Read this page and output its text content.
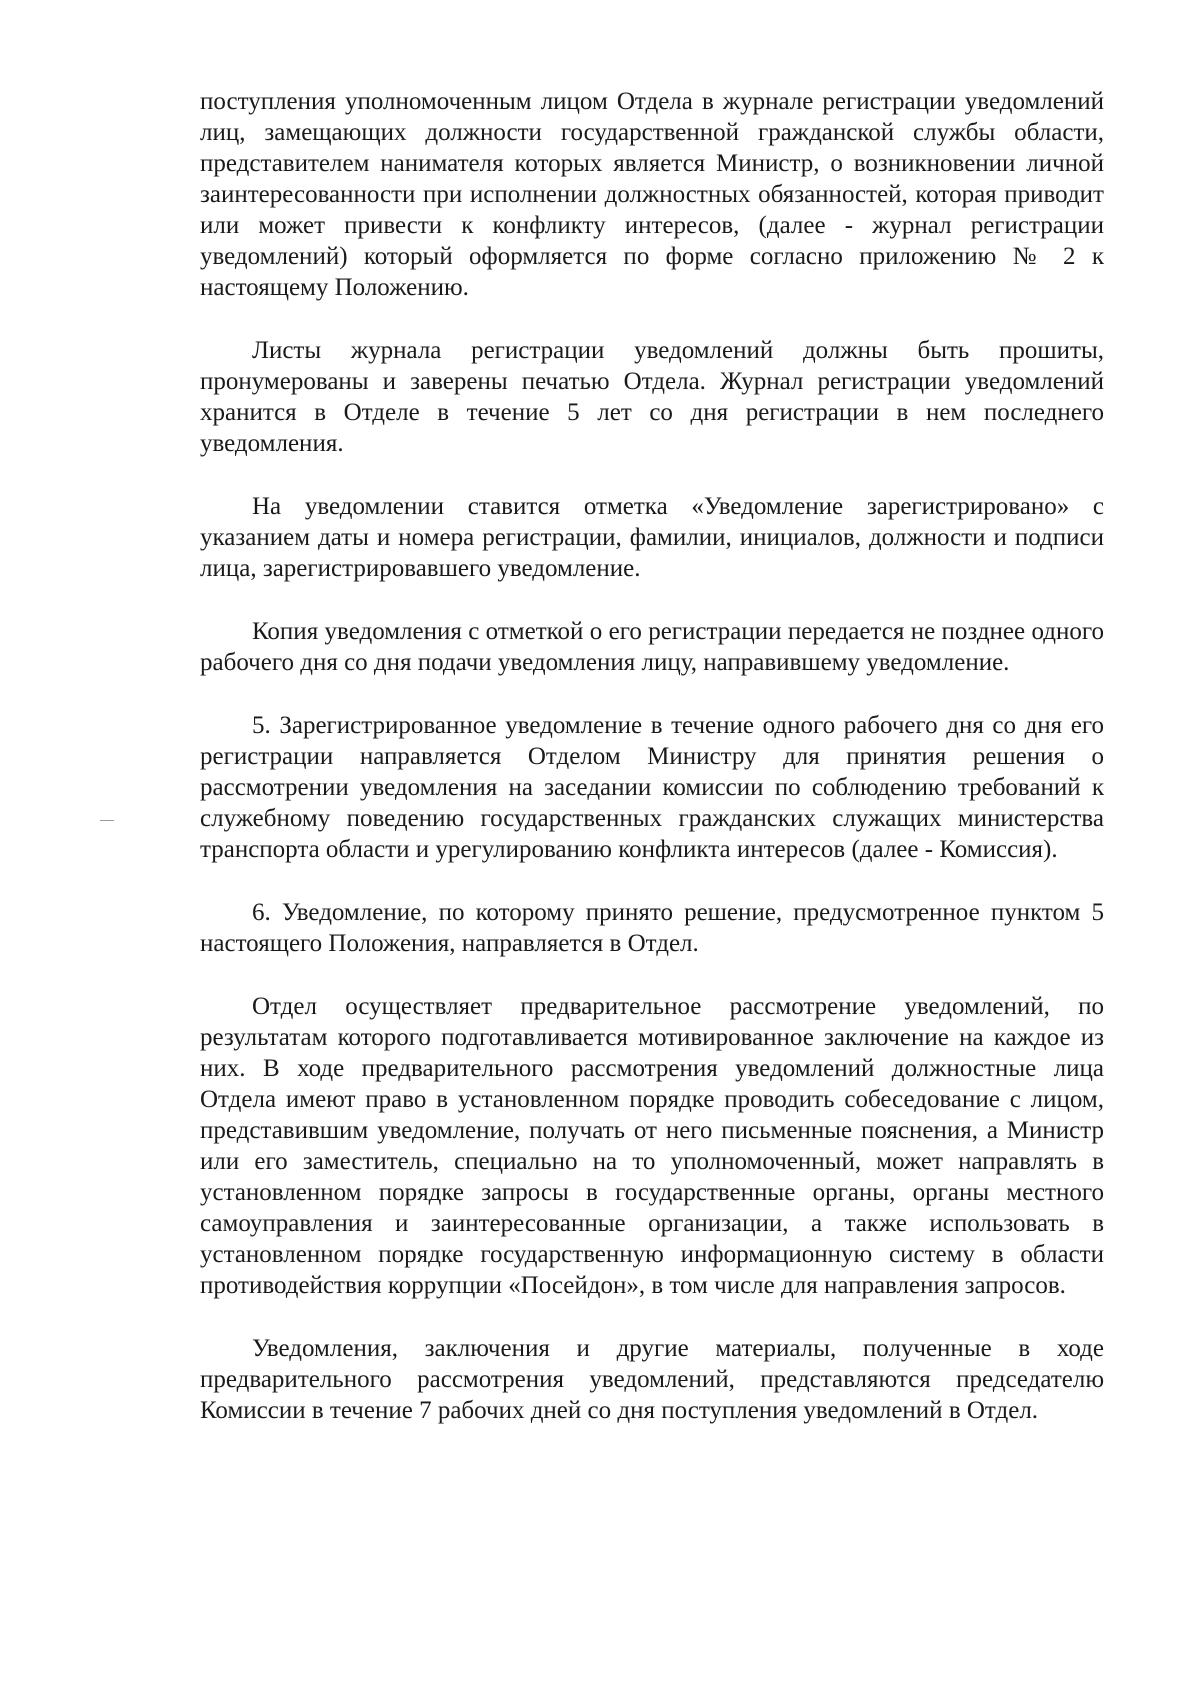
поступления уполномоченным лицом Отдела в журнале регистрации уведомлений лиц, замещающих должности государственной гражданской службы области, представителем нанимателя которых является Министр, о возникновении личной заинтересованности при исполнении должностных обязанностей, которая приводит или может привести к конфликту интересов, (далее - журнал регистрации уведомлений) который оформляется по форме согласно приложению № 2 к настоящему Положению.

Листы журнала регистрации уведомлений должны быть прошиты, пронумерованы и заверены печатью Отдела. Журнал регистрации уведомлений хранится в Отделе в течение 5 лет со дня регистрации в нем последнего уведомления.

На уведомлении ставится отметка «Уведомление зарегистрировано» с указанием даты и номера регистрации, фамилии, инициалов, должности и подписи лица, зарегистрировавшего уведомление.

Копия уведомления с отметкой о его регистрации передается не позднее одного рабочего дня со дня подачи уведомления лицу, направившему уведомление.

5. Зарегистрированное уведомление в течение одного рабочего дня со дня его регистрации направляется Отделом Министру для принятия решения о рассмотрении уведомления на заседании комиссии по соблюдению требований к служебному поведению государственных гражданских служащих министерства транспорта области и урегулированию конфликта интересов (далее - Комиссия).

6. Уведомление, по которому принято решение, предусмотренное пунктом 5 настоящего Положения, направляется в Отдел.

Отдел осуществляет предварительное рассмотрение уведомлений, по результатам которого подготавливается мотивированное заключение на каждое из них. В ходе предварительного рассмотрения уведомлений должностные лица Отдела имеют право в установленном порядке проводить собеседование с лицом, представившим уведомление, получать от него письменные пояснения, а Министр или его заместитель, специально на то уполномоченный, может направлять в установленном порядке запросы в государственные органы, органы местного самоуправления и заинтересованные организации, а также использовать в установленном порядке государственную информационную систему в области противодействия коррупции «Посейдон», в том числе для направления запросов.

Уведомления, заключения и другие материалы, полученные в ходе предварительного рассмотрения уведомлений, представляются председателю Комиссии в течение 7 рабочих дней со дня поступления уведомлений в Отдел.
